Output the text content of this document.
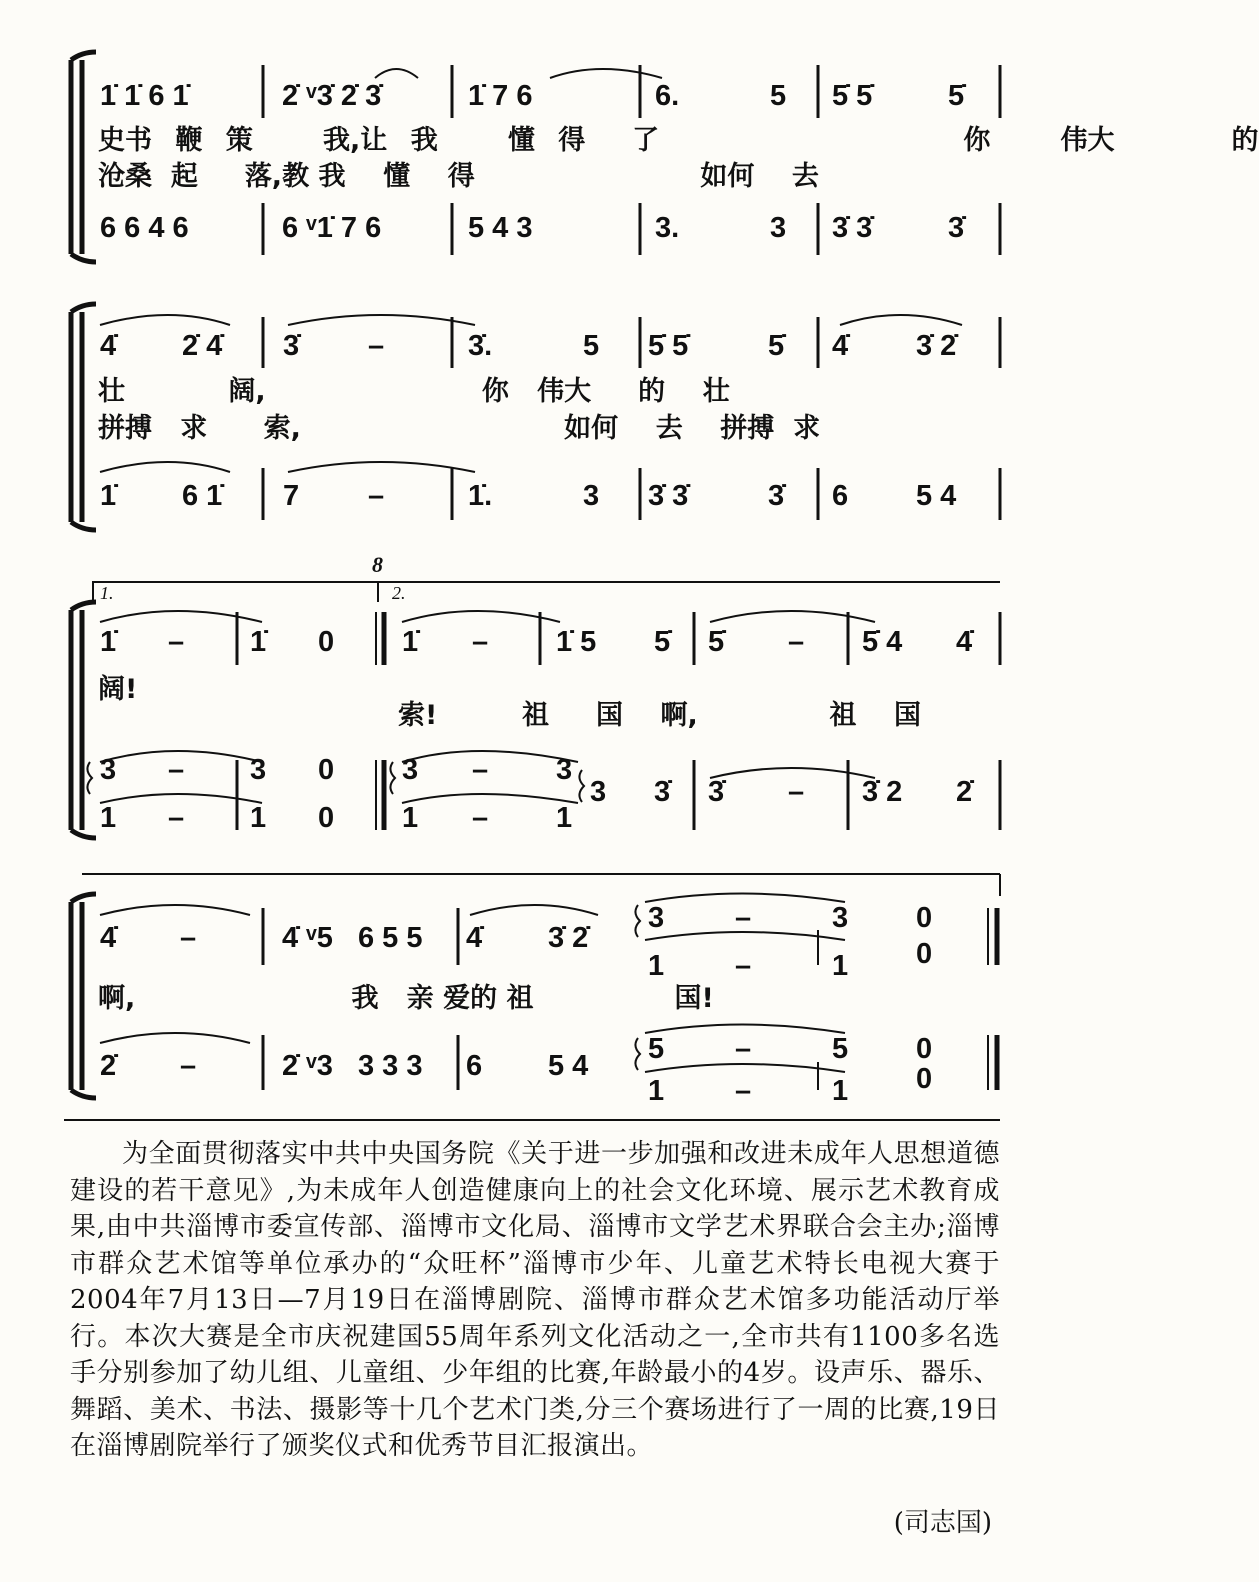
1̇ 1̇ 6 1̇	2̇ ᵛ3̇ 2̇ 3̇	1̇ 7 6	6.	5 5̇ 5̇	5̇
史书 鞭 策	我,让 我	懂 得 了	你	伟大	的
沧桑 起 落,教 我 懂 得	如何 去
6 6 4 6	6 ᵛ1̇ 7 6	5 4 3	3.	3 3̇ 3̇	3̇
4̇ 2̇ 4̇ 3̇ –	3̇.	5 5̇ 5̇	5̇ 4̇ 3̇ 2̇
壮	阔,	你 伟大 的 壮
拼搏 求 索,	如何 去 拼搏 求
1̇ 6 1̇ 7 –	1̇.	3 3̇ 3̇	3̇ 6 5 4
1.	2.
8
1̇ – 1̇ 0 1̇ – 1̇ 5 5̇ 5̇ – 5̇ 4 4̇
阔!
索!	祖 国 啊,	祖 国
3 – 3 0 3 – 3
3 3̇ 3̇ – 3̇ 2 2̇
1 – 1 0 1 – 1
4̇ –	4̇ ᵛ5 6 5 5 4̇ 3̇ 2̇
3 –	3 0
1 –	1 0
啊,	我 亲 爱的 祖	国!
2̇ –	2̇ ᵛ3 3 3 3 6 5 4
5 –	5 0
1 –	1 0

为全面贯彻落实中共中央国务院《关于进一步加强和改进未成年人思想道德建设的若干意见》,为未成年人创造健康向上的社会文化环境、展示艺术教育成果,由中共淄博市委宣传部、淄博市文化局、淄博市文学艺术界联合会主办;淄博市群众艺术馆等单位承办的“众旺杯”淄博市少年、儿童艺术特长电视大赛于2004年7月13日—7月19日在淄博剧院、淄博市群众艺术馆多功能活动厅举行。本次大赛是全市庆祝建国55周年系列文化活动之一,全市共有1100多名选手分别参加了幼儿组、儿童组、少年组的比赛,年龄最小的4岁。设声乐、器乐、舞蹈、美术、书法、摄影等十几个艺术门类,分三个赛场进行了一周的比赛,19日在淄博剧院举行了颁奖仪式和优秀节目汇报演出。

(司志国)
